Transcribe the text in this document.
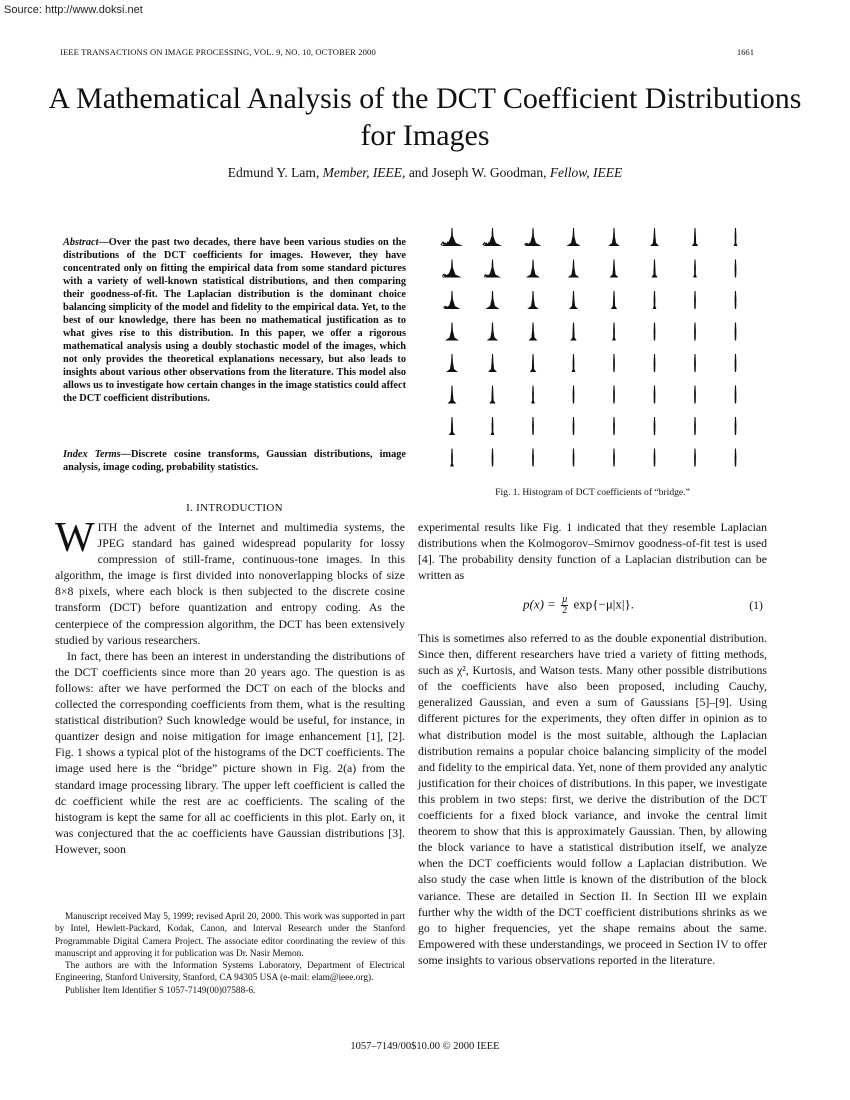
Source: http://www.doksi.net
IEEE TRANSACTIONS ON IMAGE PROCESSING, VOL. 9, NO. 10, OCTOBER 2000	1661
A Mathematical Analysis of the DCT Coefficient Distributions for Images
Edmund Y. Lam, Member, IEEE, and Joseph W. Goodman, Fellow, IEEE

Abstract—Over the past two decades, there have been various studies on the distributions of the DCT coefficients for images. However, they have concentrated only on fitting the empirical data from some standard pictures with a variety of well-known statistical distributions, and then comparing their goodness-of-fit. The Laplacian distribution is the dominant choice balancing simplicity of the model and fidelity to the empirical data. Yet, to the best of our knowledge, there has been no mathematical justification as to what gives rise to this distribution. In this paper, we offer a rigorous mathematical analysis using a doubly stochastic model of the images, which not only provides the theoretical explanations necessary, but also leads to insights about various other observations from the literature. This model also allows us to investigate how certain changes in the image statistics could affect the DCT coefficient distributions.

Index Terms—Discrete cosine transforms, Gaussian distributions, image analysis, image coding, probability statistics.

I. INTRODUCTION

WITH the advent of the Internet and multimedia systems, the JPEG standard has gained widespread popularity for lossy compression of still-frame, continuous-tone images. In this algorithm, the image is first divided into nonoverlapping blocks of size 8×8 pixels, where each block is then subjected to the discrete cosine transform (DCT) before quantization and entropy coding. As the centerpiece of the compression algorithm, the DCT has been extensively studied by various researchers.

In fact, there has been an interest in understanding the distributions of the DCT coefficients since more than 20 years ago. The question is as follows: after we have performed the DCT on each of the blocks and collected the corresponding coefficients from them, what is the resulting statistical distribution? Such knowledge would be useful, for instance, in quantizer design and noise mitigation for image enhancement [1], [2]. Fig. 1 shows a typical plot of the histograms of the DCT coefficients. The image used here is the “bridge” picture shown in Fig. 2(a) from the standard image processing library. The upper left coefficient is called the dc coefficient while the rest are ac coefficients. The scaling of the histogram is kept the same for all ac coefficients in this plot. Early on, it was conjectured that the ac coefficients have Gaussian distributions [3]. However, soon

Fig. 1. Histogram of DCT coefficients of “bridge.”
experimental results like Fig. 1 indicated that they resemble Laplacian distributions when the Kolmogorov–Smirnov goodness-of-fit test is used [4]. The probability density function of a Laplacian distribution can be written as
$p(x) = \frac{\mu}{2} \exp\{-\mu|x|\}$.	(1)
This is sometimes also referred to as the double exponential distribution. Since then, different researchers have tried a variety of fitting methods, such as χ², Kurtosis, and Watson tests. Many other possible distributions of the coefficients have also been proposed, including Cauchy, generalized Gaussian, and even a sum of Gaussians [5]–[9]. Using different pictures for the experiments, they often differ in opinion as to what distribution model is the most suitable, although the Laplacian distribution remains a popular choice balancing simplicity of the model and fidelity to the empirical data. Yet, none of them provided any analytic justification for their choices of distributions. In this paper, we investigate this problem in two steps: first, we derive the distribution of the DCT coefficients for a fixed block variance, and invoke the central limit theorem to show that this is approximately Gaussian. Then, by allowing the block variance to have a statistical distribution itself, we analyze when the DCT coefficients would follow a Laplacian distribution. We also study the case when little is known of the distribution of the block variance. These are detailed in Section II. In Section III we explain further why the width of the DCT coefficient distributions shrinks as we go to higher frequencies, yet the shape remains about the same. Empowered with these understandings, we proceed in Section IV to offer some insights to various observations reported in the literature.

Manuscript received May 5, 1999; revised April 20, 2000. This work was supported in part by Intel, Hewlett-Packard, Kodak, Canon, and Interval Research under the Stanford Programmable Digital Camera Project. The associate editor coordinating the review of this manuscript and approving it for publication was Dr. Nasir Memon.

The authors are with the Information Systems Laboratory, Department of Electrical Engineering, Stanford University, Stanford, CA 94305 USA (e-mail: elam@ieee.org).

Publisher Item Identifier S 1057-7149(00)07588-6.

1057–7149/00$10.00 © 2000 IEEE
